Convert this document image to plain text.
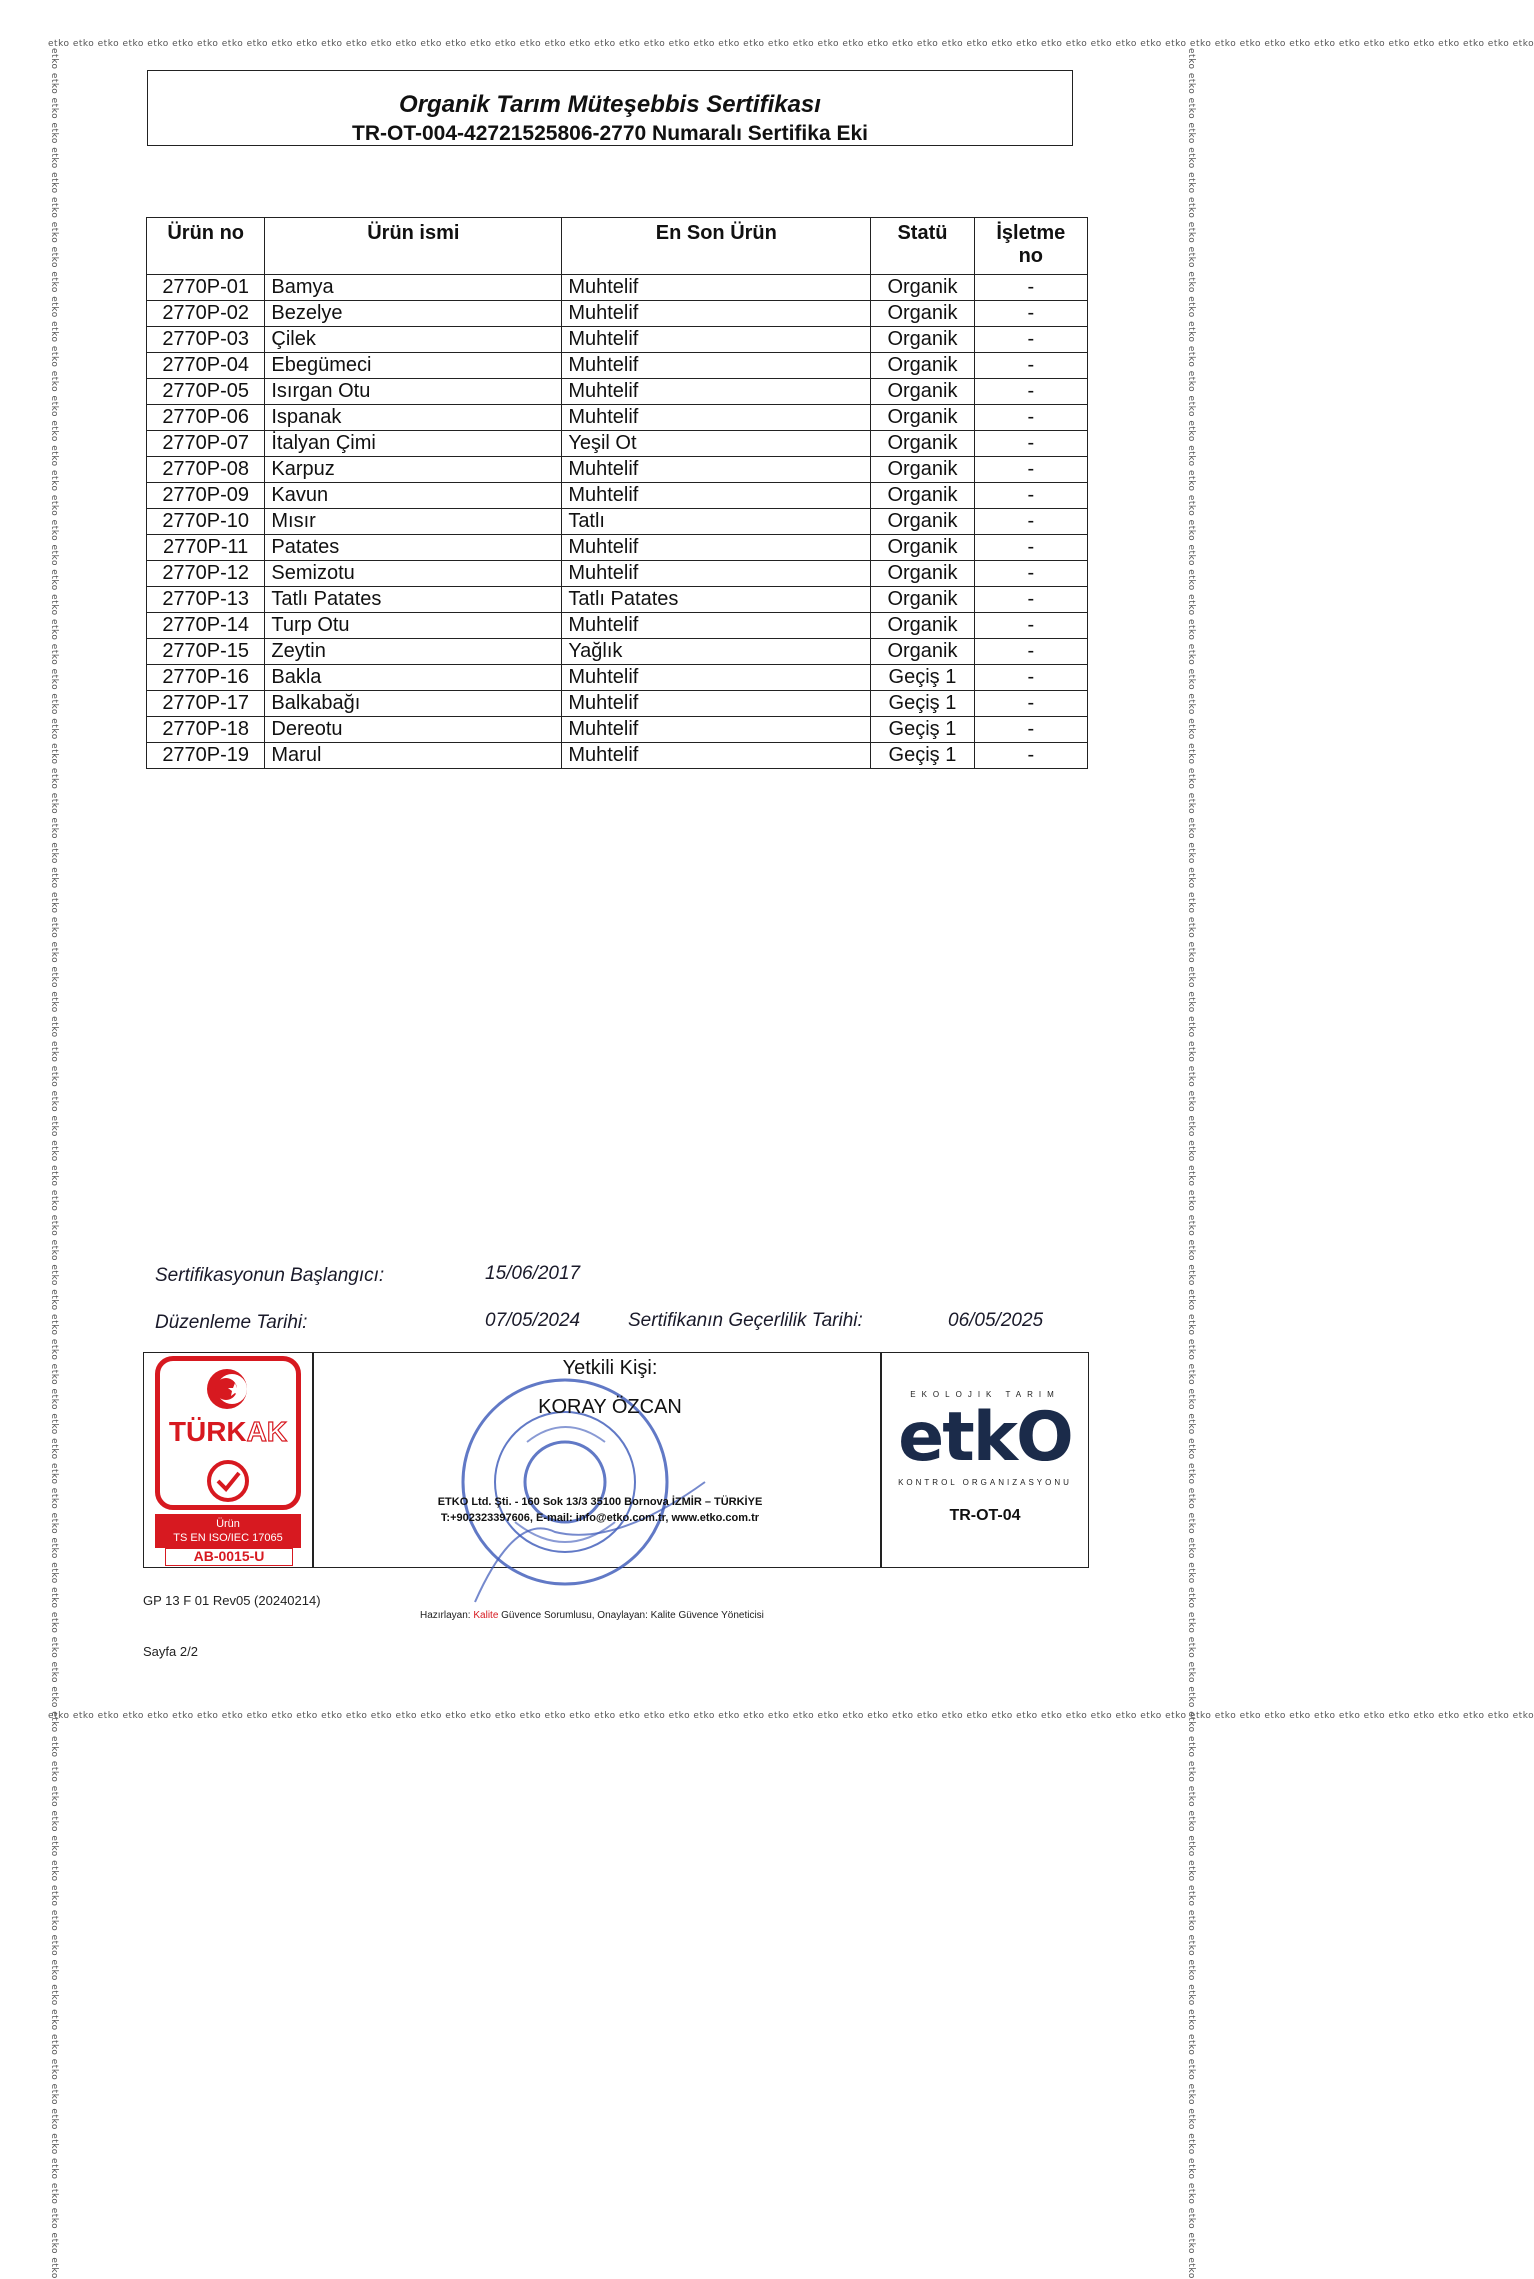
etko etko etko etko etko etko etko etko etko etko etko etko etko etko etko etko etko etko etko etko etko etko etko etko etko etko etko etko etko etko etko etko etko etko etko etko etko etko etko etko etko etko etko etko etko etko etko etko etko etko etko etko etko etko etko etko etko etko etko etko
etko etko etko etko etko etko etko etko etko etko etko etko etko etko etko etko etko etko etko etko etko etko etko etko etko etko etko etko etko etko etko etko etko etko etko etko etko etko etko etko etko etko etko etko etko etko etko etko etko etko etko etko etko etko etko etko etko etko etko etko
etko etko etko etko etko etko etko etko etko etko etko etko etko etko etko etko etko etko etko etko etko etko etko etko etko etko etko etko etko etko etko etko etko etko etko etko etko etko etko etko etko etko etko etko etko etko etko etko etko etko etko etko etko etko etko etko etko etko etko etko etko etko etko etko etko etko etko etko etko etko etko etko etko etko etko etko etko etko etko etko etko etko etko etko etko etko etko etko etko etko	etko etko etko etko etko etko etko etko etko etko etko etko etko etko etko etko etko etko etko etko etko etko etko etko etko etko etko etko etko etko etko etko etko etko etko etko etko etko etko etko etko etko etko etko etko etko etko etko etko etko etko etko etko etko etko etko etko etko etko etko etko etko etko etko etko etko etko etko etko etko etko etko etko etko etko etko etko etko etko etko etko etko etko etko etko etko etko etko etko etko
Organik Tarım Müteşebbis Sertifikası
TR-OT-004-42721525806-2770 Numaralı Sertifika Eki
Ürün no	Ürün ismi	En Son Ürün	Statü	İşletme
no
2770P-01	Bamya	Muhtelif	Organik	-
2770P-02	Bezelye	Muhtelif	Organik	-
2770P-03	Çilek	Muhtelif	Organik	-
2770P-04	Ebegümeci	Muhtelif	Organik	-
2770P-05	Isırgan Otu	Muhtelif	Organik	-
2770P-06	Ispanak	Muhtelif	Organik	-
2770P-07	İtalyan Çimi	Yeşil Ot	Organik	-
2770P-08	Karpuz	Muhtelif	Organik	-
2770P-09	Kavun	Muhtelif	Organik	-
2770P-10	Mısır	Tatlı	Organik	-
2770P-11	Patates	Muhtelif	Organik	-
2770P-12	Semizotu	Muhtelif	Organik	-
2770P-13	Tatlı Patates	Tatlı Patates	Organik	-
2770P-14	Turp Otu	Muhtelif	Organik	-
2770P-15	Zeytin	Yağlık	Organik	-
2770P-16	Bakla	Muhtelif	Geçiş 1	-
2770P-17	Balkabağı	Muhtelif	Geçiş 1	-
2770P-18	Dereotu	Muhtelif	Geçiş 1	-
2770P-19	Marul	Muhtelif	Geçiş 1	-
Sertifikasyonun Başlangıcı:	15/06/2017
Düzenleme Tarihi:	07/05/2024	Sertifikanın Geçerlilik Tarihi:	06/05/2025
TÜRKAK
Ürün
TS EN ISO/IEC 17065
AB-0015-U
Yetkili Kişi:
KORAY ÖZCAN
ETKO Ltd. Şti. - 160 Sok 13/3 35100 Bornova İZMİR – TÜRKİYE
T:+902323397606, E-mail: info@etko.com.tr, www.etko.com.tr
EKOLOJIK TARIM
etkO
KONTROL ORGANIZASYONU
TR-OT-04
GP 13 F 01 Rev05 (20240214)
Hazırlayan: Kalite Güvence Sorumlusu, Onaylayan: Kalite Güvence Yöneticisi
Sayfa 2/2
